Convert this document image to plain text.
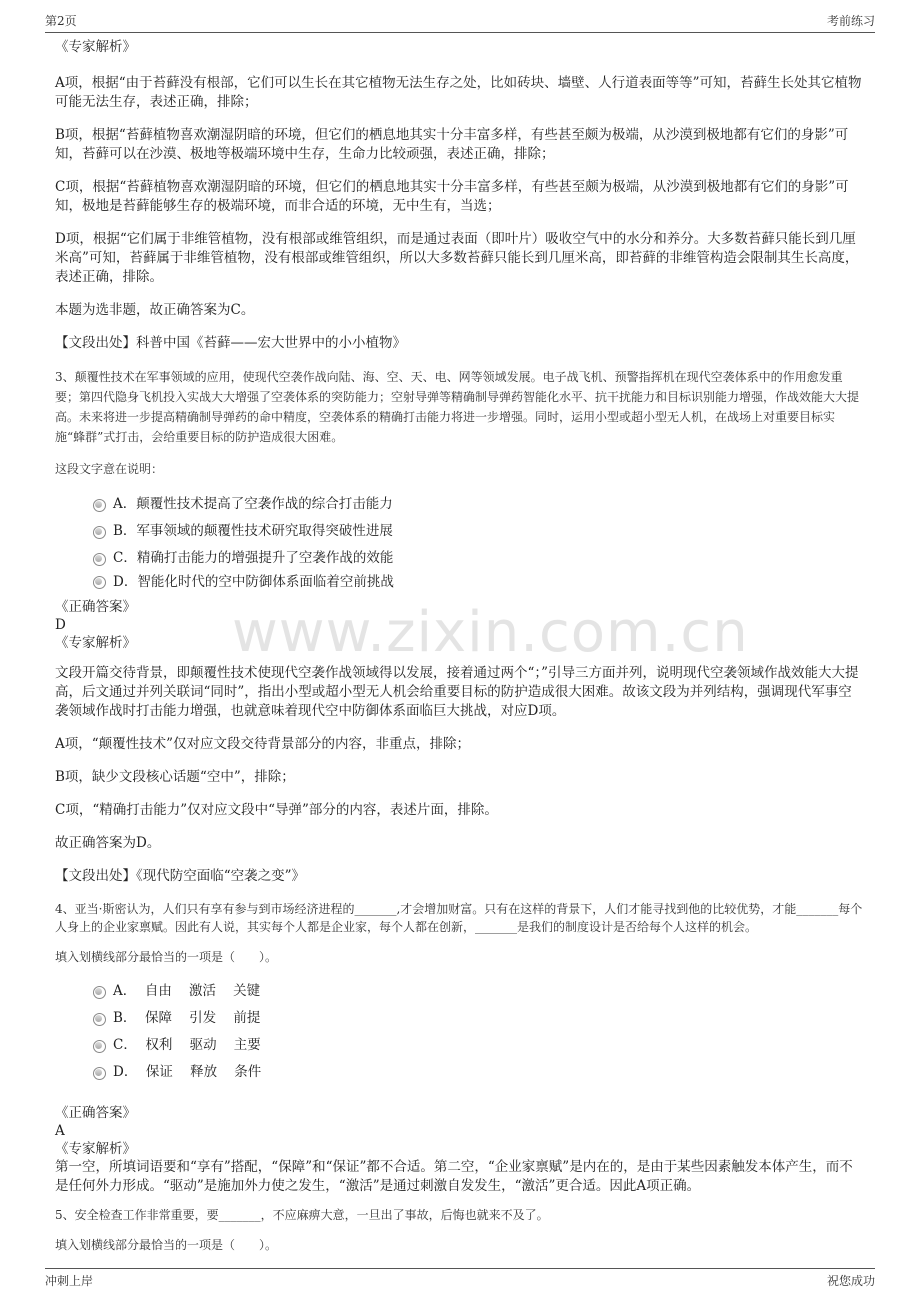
第2页	考前练习
www.zixin.com.cn

《专家解析》

A项，根据“由于苔藓没有根部，它们可以生长在其它植物无法生存之处，比如砖块、墙壁、人行道表面等等”可知，苔藓生长处其它植物可能无法生存，表述正确，排除；

B项，根据“苔藓植物喜欢潮湿阴暗的环境，但它们的栖息地其实十分丰富多样，有些甚至颇为极端，从沙漠到极地都有它们的身影”可知，苔藓可以在沙漠、极地等极端环境中生存，生命力比较顽强，表述正确，排除；

C项，根据“苔藓植物喜欢潮湿阴暗的环境，但它们的栖息地其实十分丰富多样，有些甚至颇为极端，从沙漠到极地都有它们的身影”可知，极地是苔藓能够生存的极端环境，而非合适的环境，无中生有，当选；

D项，根据“它们属于非维管植物，没有根部或维管组织，而是通过表面（即叶片）吸收空气中的水分和养分。大多数苔藓只能长到几厘米高”可知，苔藓属于非维管植物，没有根部或维管组织，所以大多数苔藓只能长到几厘米高，即苔藓的非维管构造会限制其生长高度，表述正确，排除。

本题为选非题，故正确答案为C。

【文段出处】科普中国《苔藓——宏大世界中的小小植物》

3、颠覆性技术在军事领域的应用，使现代空袭作战向陆、海、空、天、电、网等领域发展。电子战飞机、预警指挥机在现代空袭体系中的作用愈发重要；第四代隐身飞机投入实战大大增强了空袭体系的突防能力；空射导弹等精确制导弹药智能化水平、抗干扰能力和目标识别能力增强，作战效能大大提高。未来将进一步提高精确制导弹药的命中精度，空袭体系的精确打击能力将进一步增强。同时，运用小型或超小型无人机，在战场上对重要目标实施“蜂群”式打击，会给重要目标的防护造成很大困难。

这段文字意在说明：

A．颠覆性技术提高了空袭作战的综合打击能力
B．军事领域的颠覆性技术研究取得突破性进展
C．精确打击能力的增强提升了空袭作战的效能
D．智能化时代的空中防御体系面临着空前挑战

《正确答案》

D

《专家解析》

文段开篇交待背景，即颠覆性技术使现代空袭作战领域得以发展，接着通过两个“；”引导三方面并列，说明现代空袭领域作战效能大大提高，后文通过并列关联词“同时”，指出小型或超小型无人机会给重要目标的防护造成很大困难。故该文段为并列结构，强调现代军事空袭领域作战时打击能力增强，也就意味着现代空中防御体系面临巨大挑战，对应D项。

A项，“颠覆性技术”仅对应文段交待背景部分的内容，非重点，排除；

B项，缺少文段核心话题“空中”，排除；

C项，“精确打击能力”仅对应文段中“导弹”部分的内容，表述片面，排除。

故正确答案为D。

【文段出处】《现代防空面临“空袭之变”》

4、亚当·斯密认为，人们只有享有参与到市场经济进程的_______,才会增加财富。只有在这样的背景下，人们才能寻找到他的比较优势，才能_______每个人身上的企业家禀赋。因此有人说，其实每个人都是企业家，每个人都在创新，_______是我们的制度设计是否给每个人这样的机会。

填入划横线部分最恰当的一项是（　　）。

A．  自由    激活    关键
B．  保障    引发    前提
C．  权利    驱动    主要
D．  保证    释放    条件

《正确答案》

A

《专家解析》

第一空，所填词语要和“享有”搭配，“保障”和“保证”都不合适。第二空，“企业家禀赋”是内在的，是由于某些因素触发本体产生，而不是任何外力形成。“驱动”是施加外力使之发生，“激活”是通过刺激自发发生，“激活”更合适。因此A项正确。

5、安全检查工作非常重要，要_______，不应麻痹大意，一旦出了事故，后悔也就来不及了。

填入划横线部分最恰当的一项是（　　）。

冲刺上岸	祝您成功
